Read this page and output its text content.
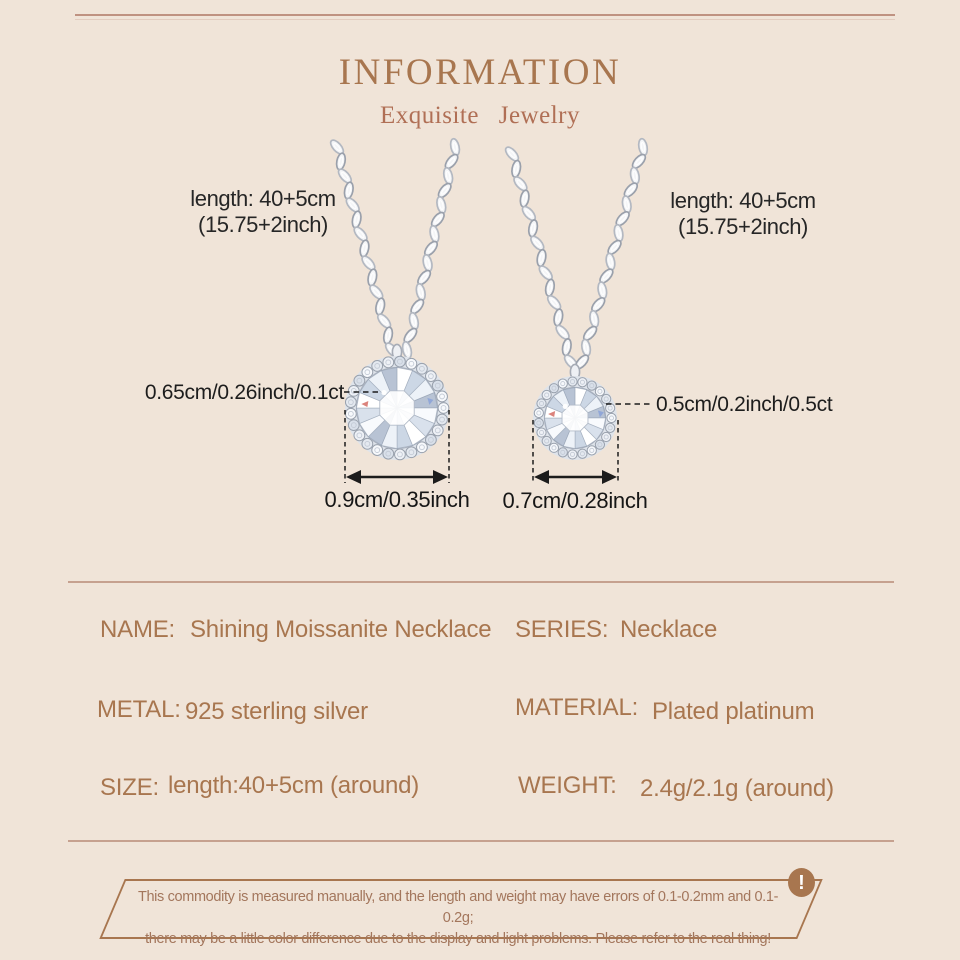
INFORMATION
Exquisite Jewelry
length: 40+5cm
(15.75+2inch)
length: 40+5cm
(15.75+2inch)
0.65cm/0.26inch/0.1ct
0.5cm/0.2inch/0.5ct
0.9cm/0.35inch	0.7cm/0.28inch
NAME: Shining Moissanite Necklace SERIES: Necklace
METAL: 925 sterling silver	MATERIAL: Plated platinum
SIZE: length:40+5cm (around)	WEIGHT: 2.4g/2.1g (around)
!
This commodity is measured manually, and the length and weight may have errors of 0.1-0.2mm and 0.1-0.2g;
there may be a little color difference due to the display and light problems. Please refer to the real thing!
